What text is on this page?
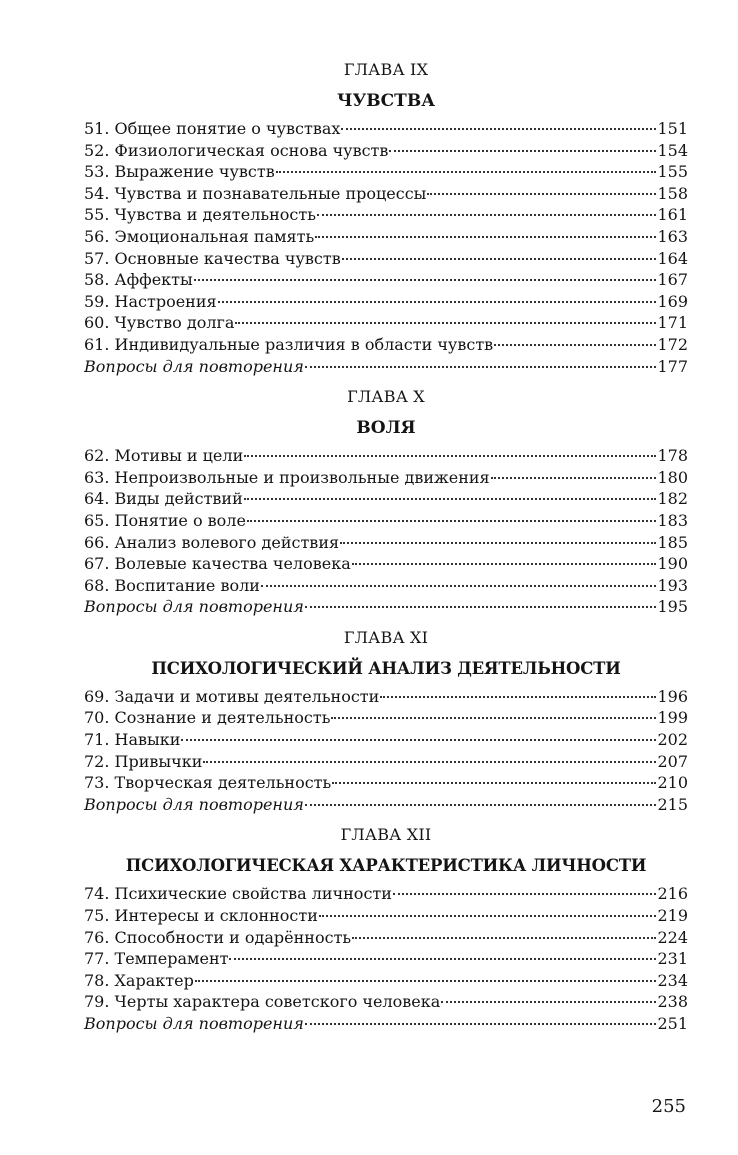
ГЛАВА IX
ЧУВСТВА
51. Общее понятие о чувствах	151
52. Физиологическая основа чувств	154
53. Выражение чувств	155
54. Чувства и познавательные процессы	158
55. Чувства и деятельность	161
56. Эмоциональная память	163
57. Основные качества чувств	164
58. Аффекты	167
59. Настроения	169
60. Чувство долга	171
61. Индивидуальные различия в области чувств	172
Вопросы для повторения	177
ГЛАВА X
ВОЛЯ
62. Мотивы и цели	178
63. Непроизвольные и произвольные движения	180
64. Виды действий	182
65. Понятие о воле	183
66. Анализ волевого действия	185
67. Волевые качества человека	190
68. Воспитание воли	193
Вопросы для повторения	195
ГЛАВА XI
ПСИХОЛОГИЧЕСКИЙ АНАЛИЗ ДЕЯТЕЛЬНОСТИ
69. Задачи и мотивы деятельности	196
70. Сознание и деятельность	199
71. Навыки	202
72. Привычки	207
73. Творческая деятельность	210
Вопросы для повторения	215
ГЛАВА XII
ПСИХОЛОГИЧЕСКАЯ ХАРАКТЕРИСТИКА ЛИЧНОСТИ
74. Психические свойства личности	216
75. Интересы и склонности	219
76. Способности и одарённость	224
77. Темперамент	231
78. Характер	234
79. Черты характера советского человека	238
Вопросы для повторения	251
255
